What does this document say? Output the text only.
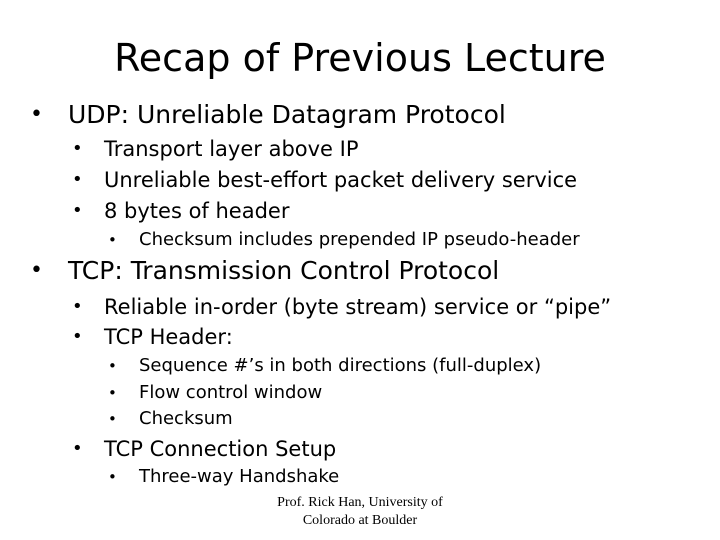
Recap of Previous Lecture
• UDP: Unreliable Datagram Protocol
• Transport layer above IP
• Unreliable best-effort packet delivery service
• 8 bytes of header
• Checksum includes prepended IP pseudo-header
• TCP: Transmission Control Protocol
• Reliable in-order (byte stream) service or “pipe”
• TCP Header:
• Sequence #’s in both directions (full-duplex)
• Flow control window
• Checksum
• TCP Connection Setup
• Three-way Handshake
Prof. Rick Han, University of
Colorado at Boulder
